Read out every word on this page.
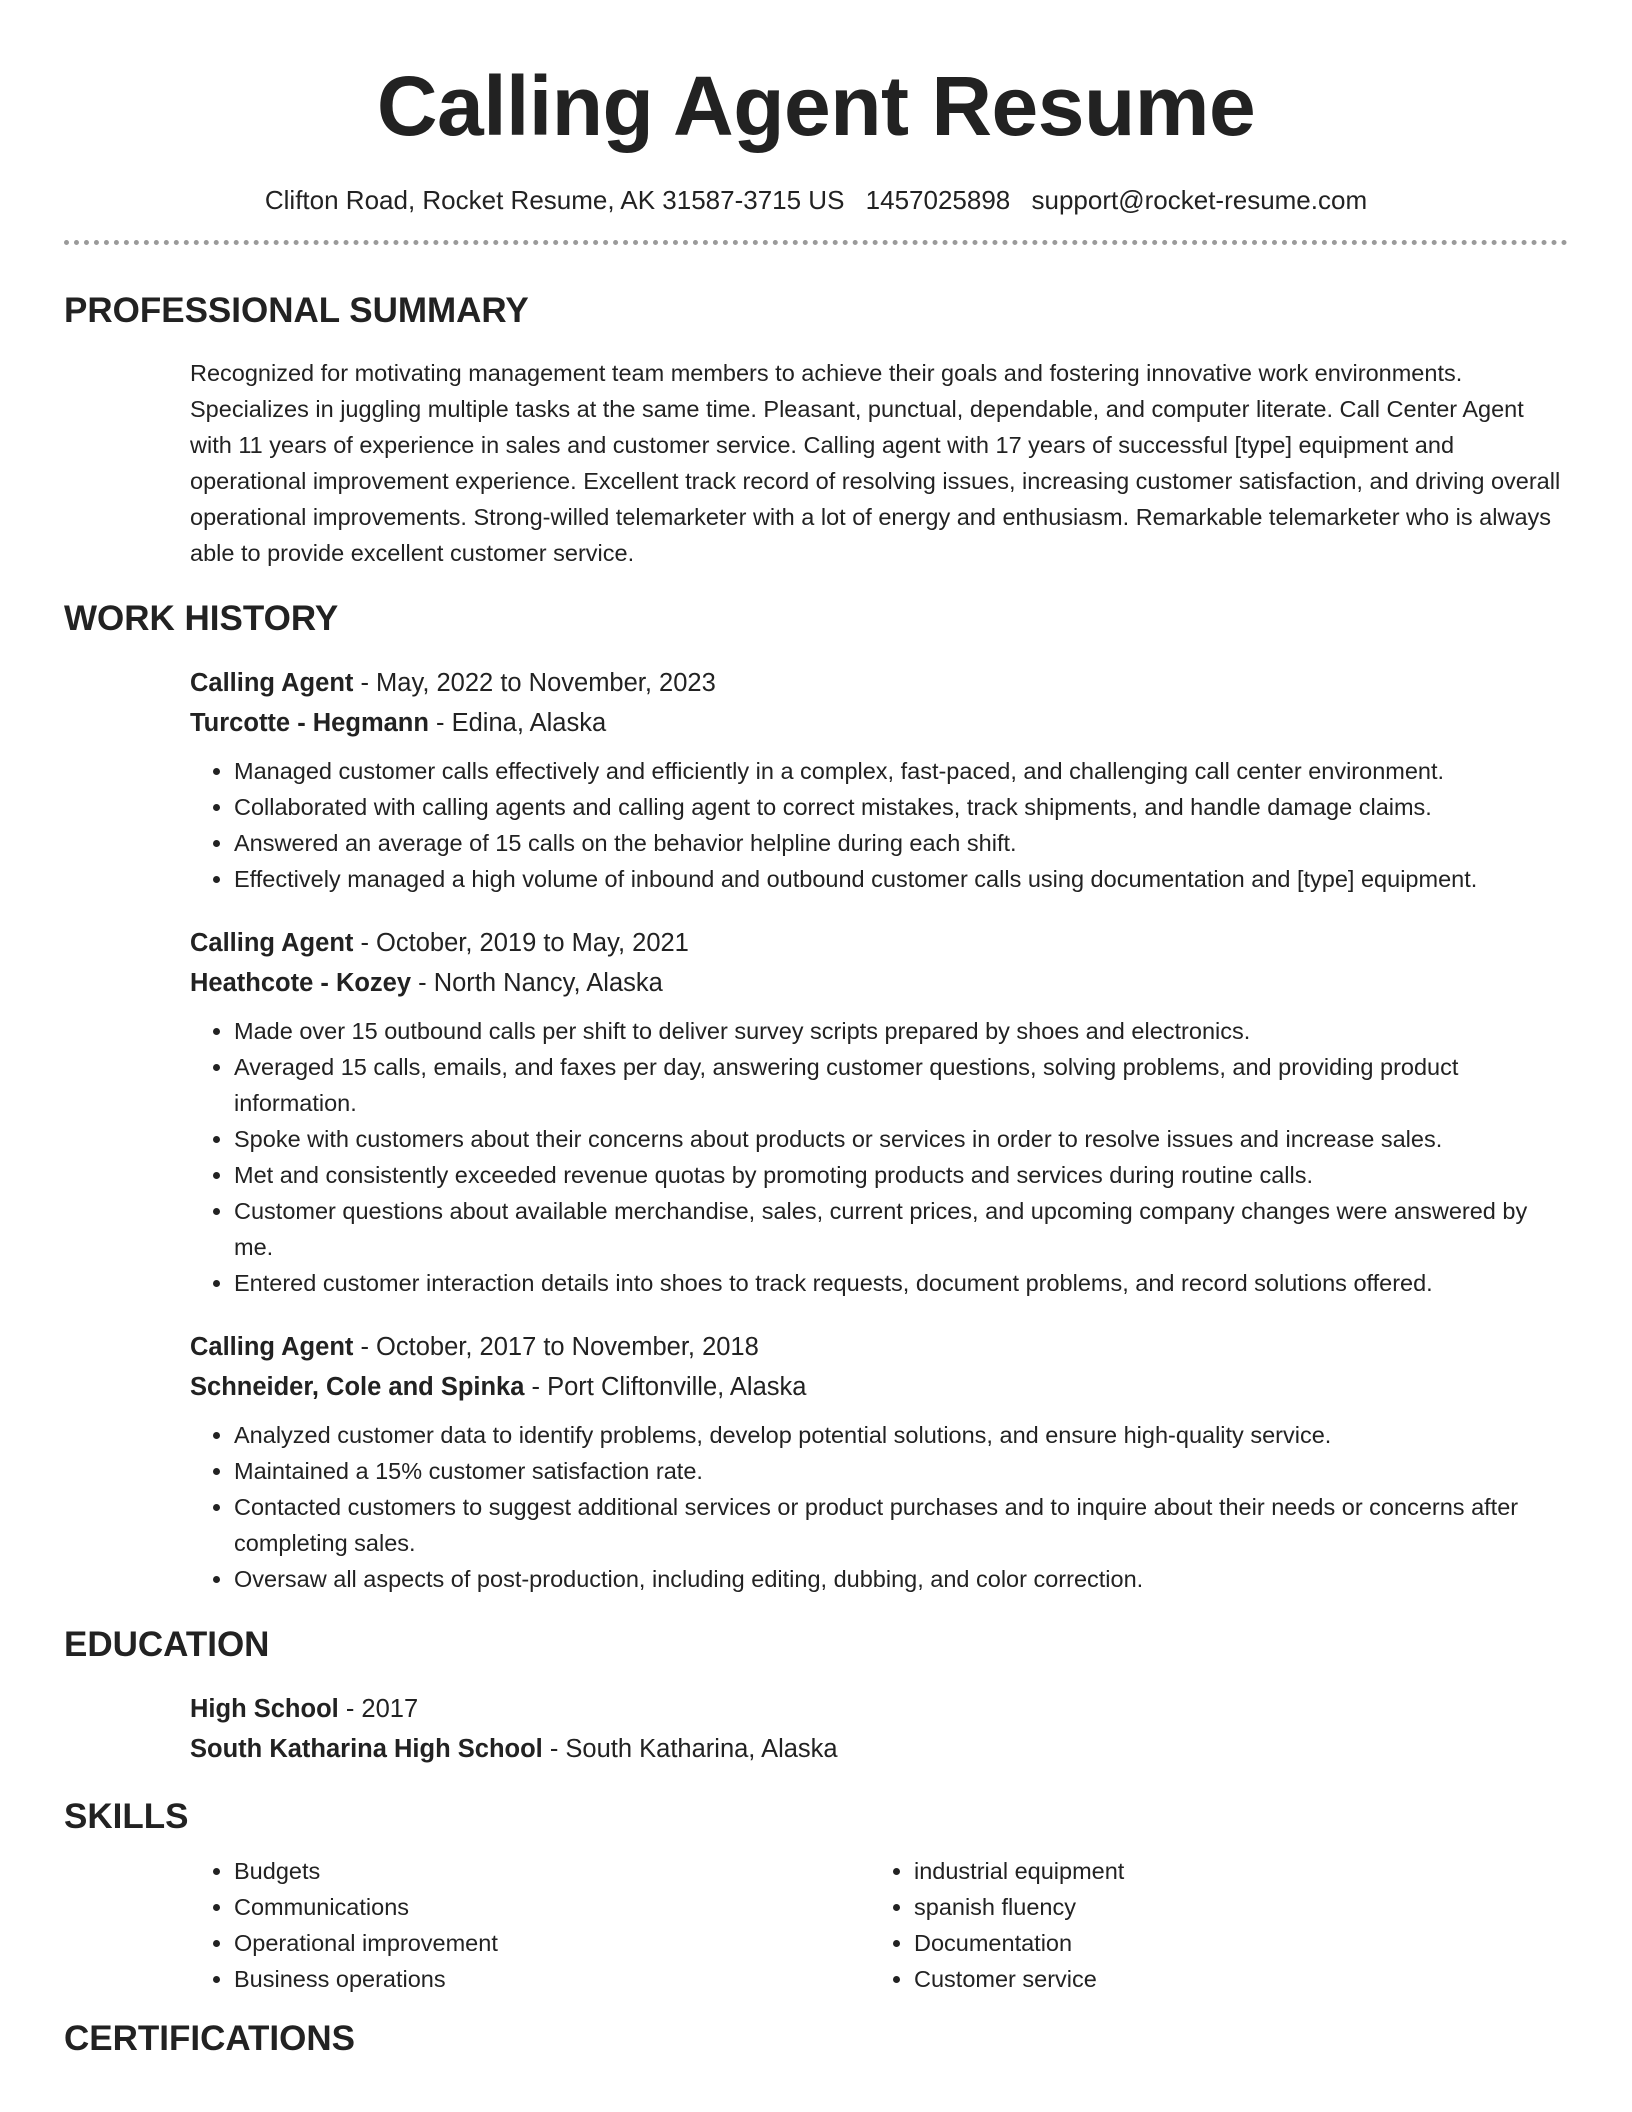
Calling Agent Resume
Clifton Road, Rocket Resume, AK 31587-3715 US 1457025898 support@rocket-resume.com
PROFESSIONAL SUMMARY

Recognized for motivating management team members to achieve their goals and fostering innovative work environments. Specializes in juggling multiple tasks at the same time. Pleasant, punctual, dependable, and computer literate. Call Center Agent with 11 years of experience in sales and customer service. Calling agent with 17 years of successful [type] equipment and operational improvement experience. Excellent track record of resolving issues, increasing customer satisfaction, and driving overall operational improvements. Strong-willed telemarketer with a lot of energy and enthusiasm. Remarkable telemarketer who is always able to provide excellent customer service.

WORK HISTORY
Calling Agent - May, 2022 to November, 2023
Turcotte - Hegmann - Edina, Alaska
• Managed customer calls effectively and efficiently in a complex, fast-paced, and challenging call center environment.
• Collaborated with calling agents and calling agent to correct mistakes, track shipments, and handle damage claims.
• Answered an average of 15 calls on the behavior helpline during each shift.
• Effectively managed a high volume of inbound and outbound customer calls using documentation and [type] equipment.
Calling Agent - October, 2019 to May, 2021
Heathcote - Kozey - North Nancy, Alaska
• Made over 15 outbound calls per shift to deliver survey scripts prepared by shoes and electronics.
• Averaged 15 calls, emails, and faxes per day, answering customer questions, solving problems, and providing product information.
• Spoke with customers about their concerns about products or services in order to resolve issues and increase sales.
• Met and consistently exceeded revenue quotas by promoting products and services during routine calls.
• Customer questions about available merchandise, sales, current prices, and upcoming company changes were answered by me.
• Entered customer interaction details into shoes to track requests, document problems, and record solutions offered.
Calling Agent - October, 2017 to November, 2018
Schneider, Cole and Spinka - Port Cliftonville, Alaska
• Analyzed customer data to identify problems, develop potential solutions, and ensure high-quality service.
• Maintained a 15% customer satisfaction rate.
• Contacted customers to suggest additional services or product purchases and to inquire about their needs or concerns after completing sales.
• Oversaw all aspects of post-production, including editing, dubbing, and color correction.
EDUCATION
High School - 2017
South Katharina High School - South Katharina, Alaska
SKILLS
• Budgets
• Communications
• Operational improvement
• Business operations
• industrial equipment
• spanish fluency
• Documentation
• Customer service
CERTIFICATIONS
